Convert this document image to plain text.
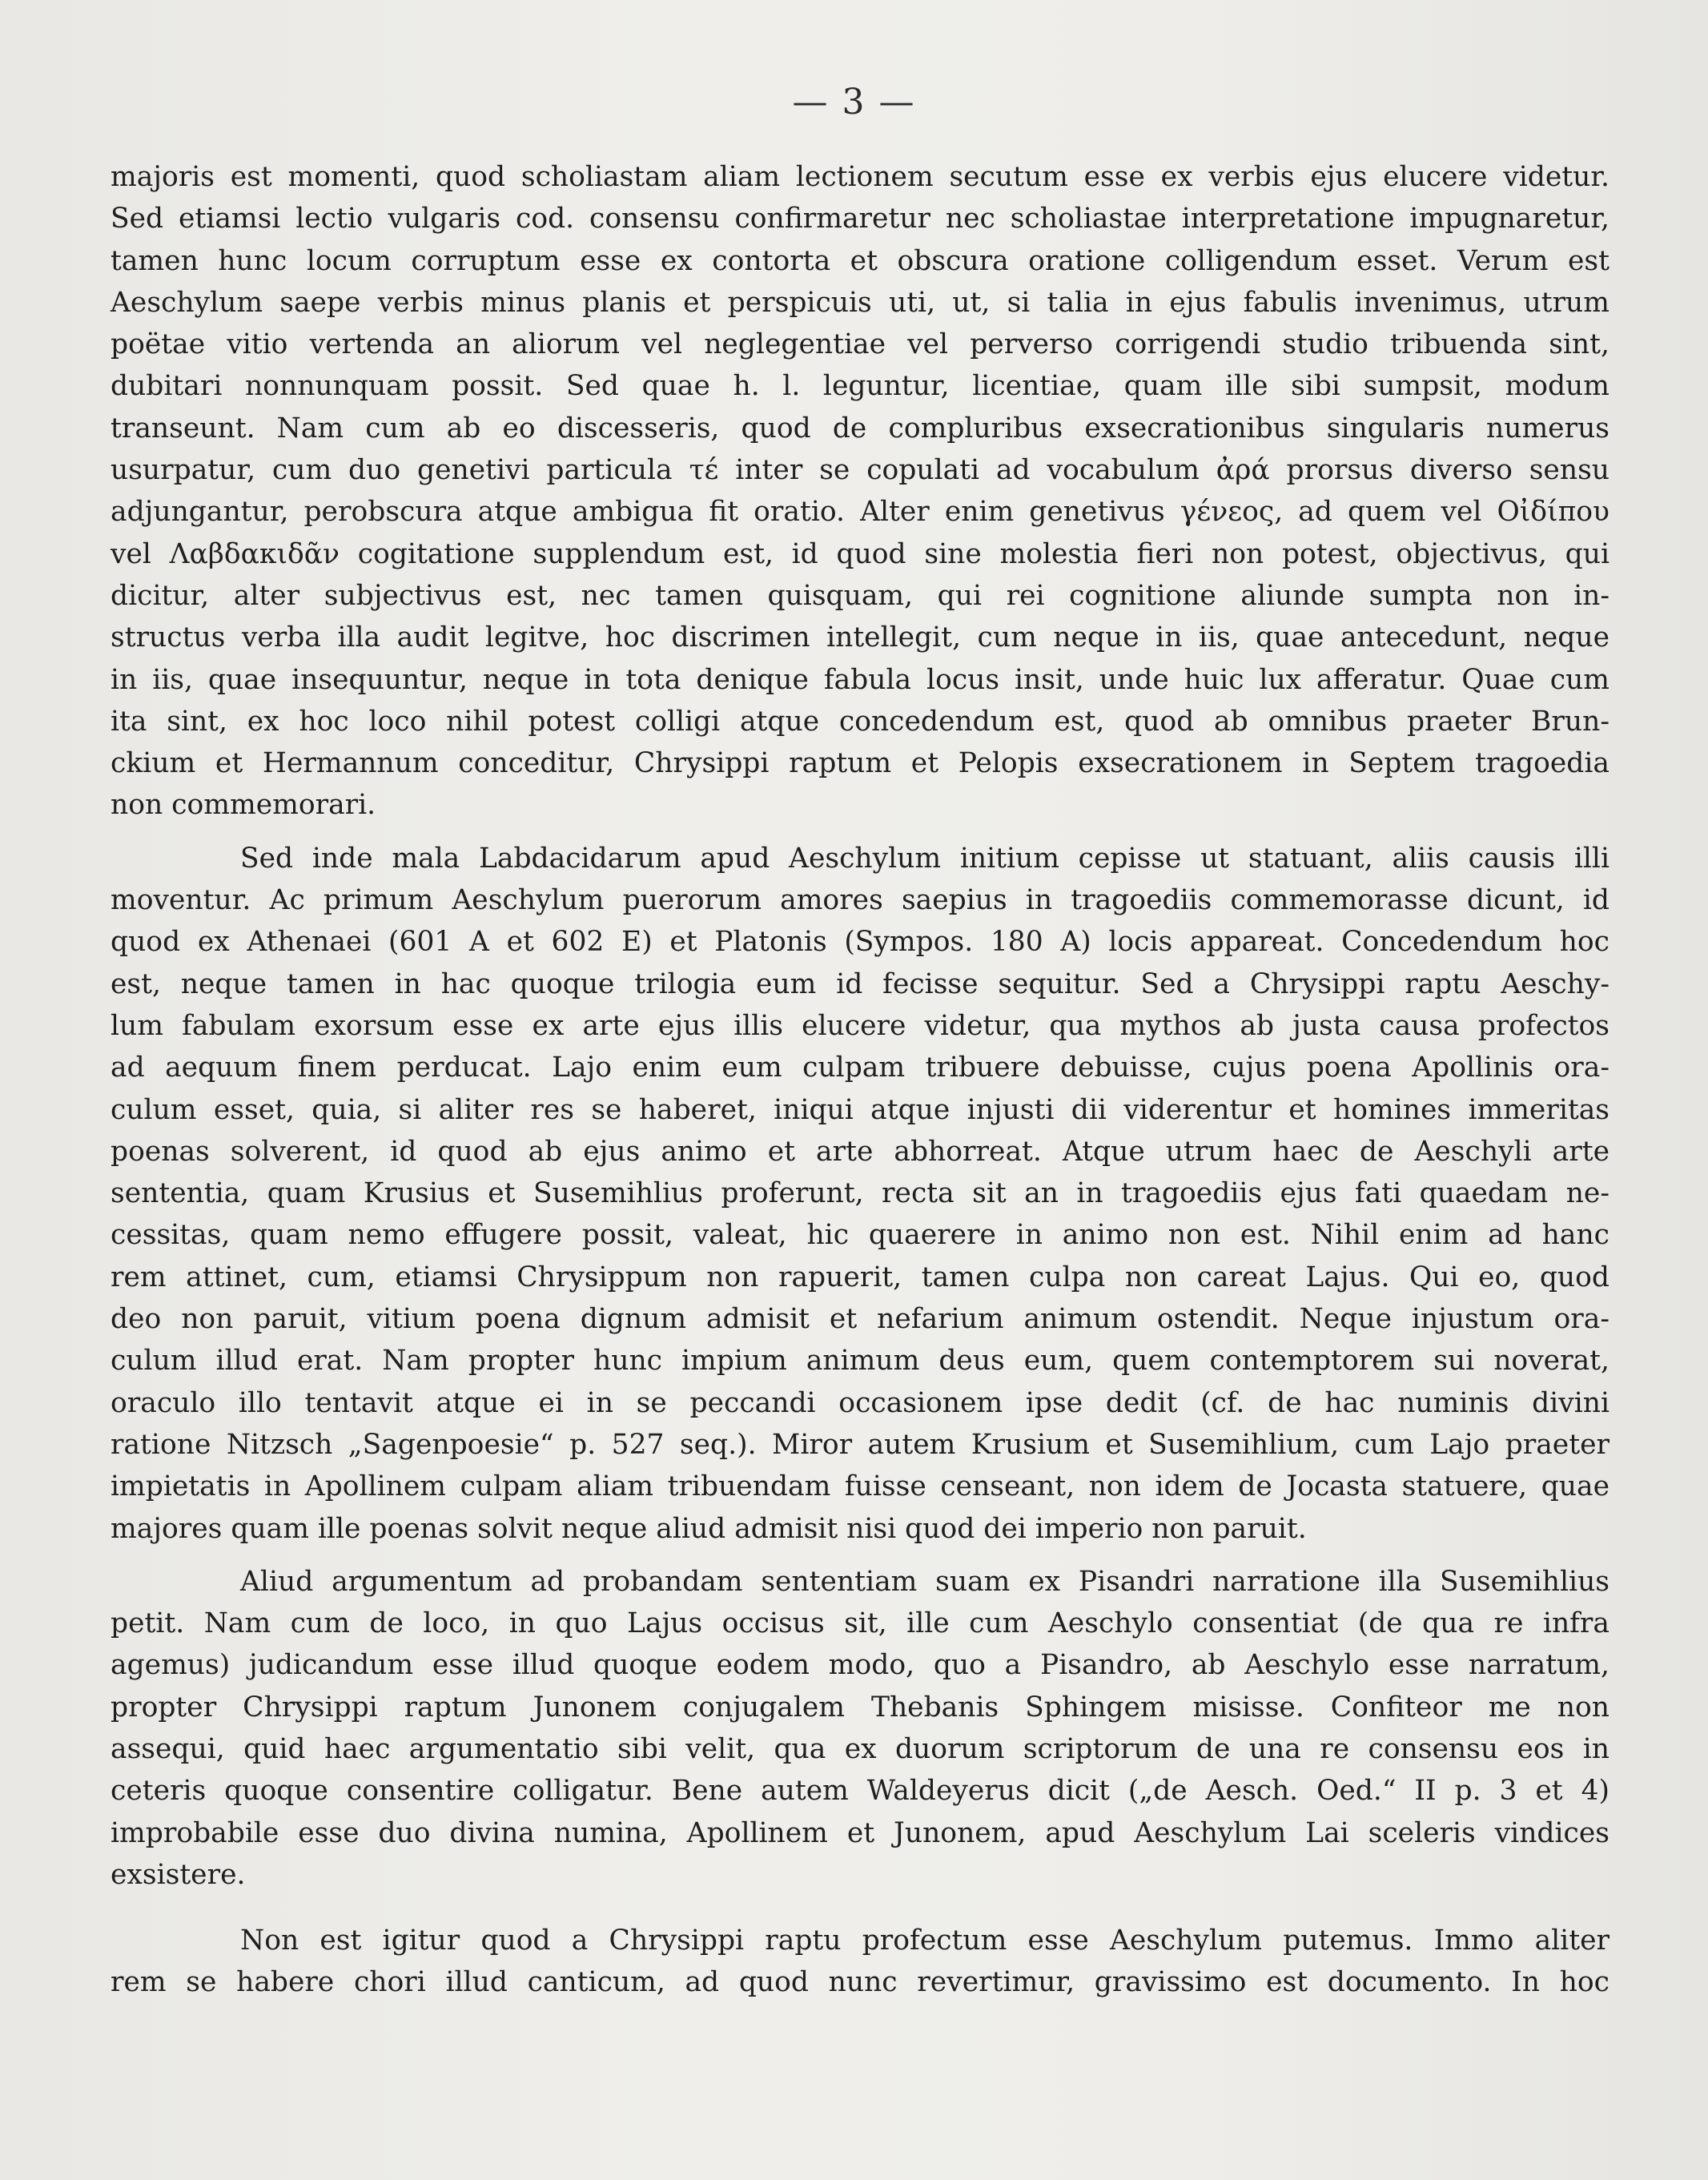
— 3 —
majoris est momenti, quod scholiastam aliam lectionem secutum esse ex verbis ejus elucere videtur.
Sed etiamsi lectio vulgaris cod. consensu confirmaretur nec scholiastae interpretatione impugnaretur,
tamen hunc locum corruptum esse ex contorta et obscura oratione colligendum esset. Verum est
Aeschylum saepe verbis minus planis et perspicuis uti, ut, si talia in ejus fabulis invenimus, utrum
poëtae vitio vertenda an aliorum vel neglegentiae vel perverso corrigendi studio tribuenda sint,
dubitari nonnunquam possit. Sed quae h. l. leguntur, licentiae, quam ille sibi sumpsit, modum
transeunt. Nam cum ab eo discesseris, quod de compluribus exsecrationibus singularis numerus
usurpatur, cum duo genetivi particula τέ inter se copulati ad vocabulum ἀρά prorsus diverso sensu
adjungantur, perobscura atque ambigua fit oratio. Alter enim genetivus γένεος, ad quem vel Οἰδίπου
vel Λαβδακιδᾶν cogitatione supplendum est, id quod sine molestia fieri non potest, objectivus, qui
dicitur, alter subjectivus est, nec tamen quisquam, qui rei cognitione aliunde sumpta non in-
structus verba illa audit legitve, hoc discrimen intellegit, cum neque in iis, quae antecedunt, neque
in iis, quae insequuntur, neque in tota denique fabula locus insit, unde huic lux afferatur. Quae cum
ita sint, ex hoc loco nihil potest colligi atque concedendum est, quod ab omnibus praeter Brun-
ckium et Hermannum conceditur, Chrysippi raptum et Pelopis exsecrationem in Septem tragoedia
non commemorari.
Sed inde mala Labdacidarum apud Aeschylum initium cepisse ut statuant, aliis causis illi
moventur. Ac primum Aeschylum puerorum amores saepius in tragoediis commemorasse dicunt, id
quod ex Athenaei (601 A et 602 E) et Platonis (Sympos. 180 A) locis appareat. Concedendum hoc
est, neque tamen in hac quoque trilogia eum id fecisse sequitur. Sed a Chrysippi raptu Aeschy-
lum fabulam exorsum esse ex arte ejus illis elucere videtur, qua mythos ab justa causa profectos
ad aequum finem perducat. Lajo enim eum culpam tribuere debuisse, cujus poena Apollinis ora-
culum esset, quia, si aliter res se haberet, iniqui atque injusti dii viderentur et homines immeritas
poenas solverent, id quod ab ejus animo et arte abhorreat. Atque utrum haec de Aeschyli arte
sententia, quam Krusius et Susemihlius proferunt, recta sit an in tragoediis ejus fati quaedam ne-
cessitas, quam nemo effugere possit, valeat, hic quaerere in animo non est. Nihil enim ad hanc
rem attinet, cum, etiamsi Chrysippum non rapuerit, tamen culpa non careat Lajus. Qui eo, quod
deo non paruit, vitium poena dignum admisit et nefarium animum ostendit. Neque injustum ora-
culum illud erat. Nam propter hunc impium animum deus eum, quem contemptorem sui noverat,
oraculo illo tentavit atque ei in se peccandi occasionem ipse dedit (cf. de hac numinis divini
ratione Nitzsch „Sagenpoesie“ p. 527 seq.). Miror autem Krusium et Susemihlium, cum Lajo praeter
impietatis in Apollinem culpam aliam tribuendam fuisse censeant, non idem de Jocasta statuere, quae
majores quam ille poenas solvit neque aliud admisit nisi quod dei imperio non paruit.
Aliud argumentum ad probandam sententiam suam ex Pisandri narratione illa Susemihlius
petit. Nam cum de loco, in quo Lajus occisus sit, ille cum Aeschylo consentiat (de qua re infra
agemus) judicandum esse illud quoque eodem modo, quo a Pisandro, ab Aeschylo esse narratum,
propter Chrysippi raptum Junonem conjugalem Thebanis Sphingem misisse. Confiteor me non
assequi, quid haec argumentatio sibi velit, qua ex duorum scriptorum de una re consensu eos in
ceteris quoque consentire colligatur. Bene autem Waldeyerus dicit („de Aesch. Oed.“ II p. 3 et 4)
improbabile esse duo divina numina, Apollinem et Junonem, apud Aeschylum Lai sceleris vindices
exsistere.
Non est igitur quod a Chrysippi raptu profectum esse Aeschylum putemus. Immo aliter
rem se habere chori illud canticum, ad quod nunc revertimur, gravissimo est documento. In hoc
